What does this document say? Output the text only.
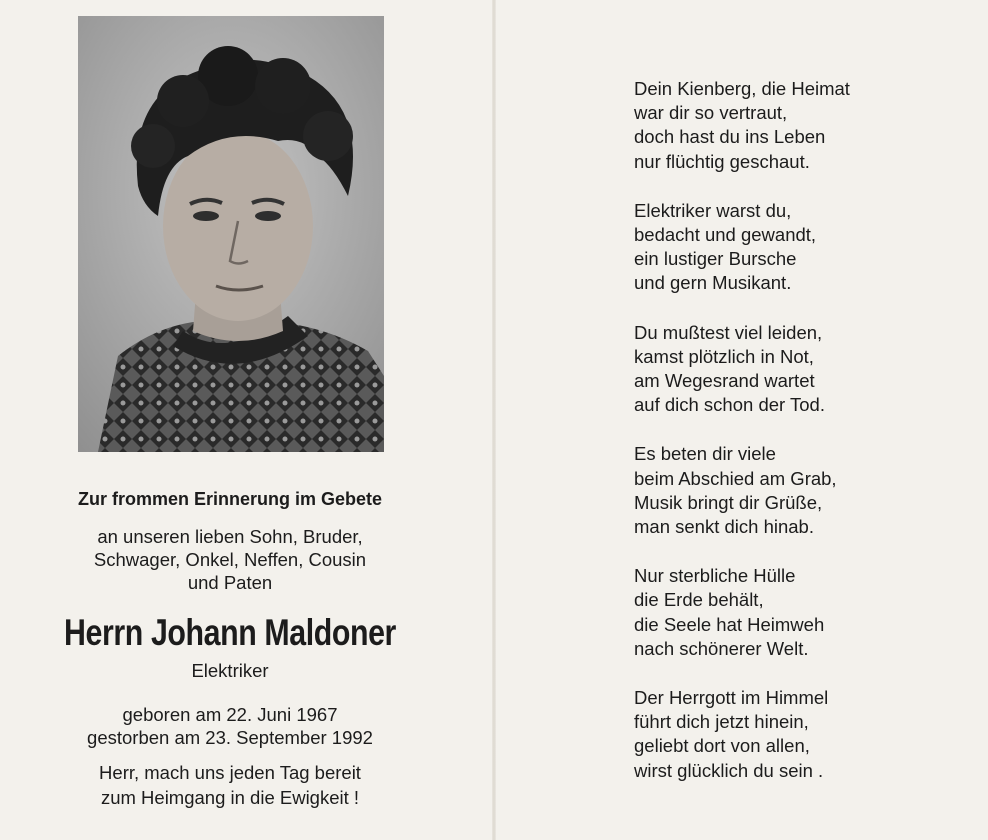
Zur frommen Erinnerung im Gebete
an unseren lieben Sohn, Bruder,
Schwager, Onkel, Neffen, Cousin
und Paten
Herrn Johann Maldoner
Elektriker
geboren am 22. Juni 1967
gestorben am 23. September 1992
Herr, mach uns jeden Tag bereit
zum Heimgang in die Ewigkeit !
Dein Kienberg, die Heimat
war dir so vertraut,
doch hast du ins Leben
nur flüchtig geschaut.
Elektriker warst du,
bedacht und gewandt,
ein lustiger Bursche
und gern Musikant.
Du mußtest viel leiden,
kamst plötzlich in Not,
am Wegesrand wartet
auf dich schon der Tod.
Es beten dir viele
beim Abschied am Grab,
Musik bringt dir Grüße,
man senkt dich hinab.
Nur sterbliche Hülle
die Erde behält,
die Seele hat Heimweh
nach schönerer Welt.
Der Herrgott im Himmel
führt dich jetzt hinein,
geliebt dort von allen,
wirst glücklich du sein .
